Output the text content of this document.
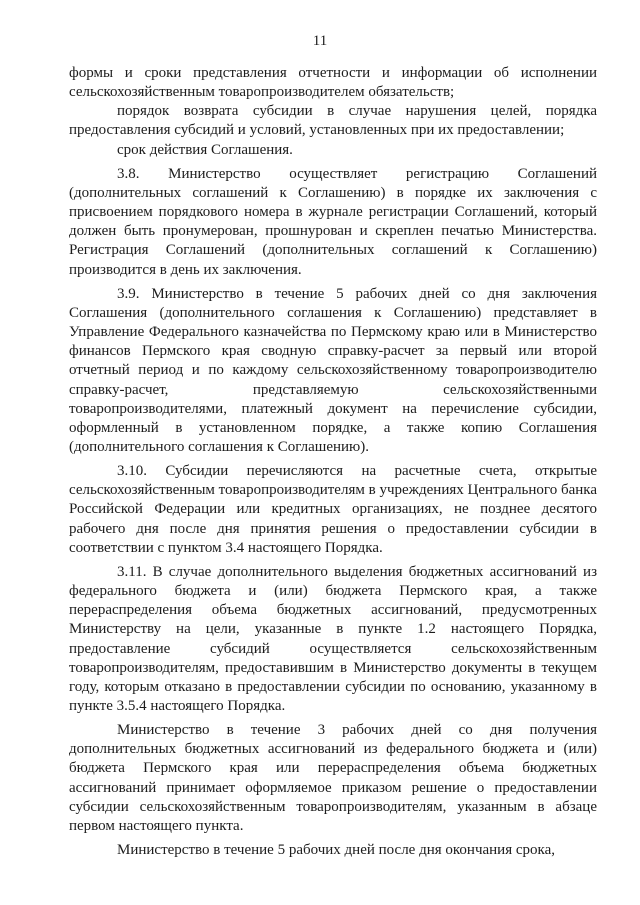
11

формы и сроки представления отчетности и информации об исполнении сельскохозяйственным товаропроизводителем обязательств;

порядок возврата субсидии в случае нарушения целей, порядка предоставления субсидий и условий, установленных при их предоставлении;

срок действия Соглашения.

3.8. Министерство осуществляет регистрацию Соглашений (дополнительных соглашений к Соглашению) в порядке их заключения с присвоением порядкового номера в журнале регистрации Соглашений, который должен быть пронумерован, прошнурован и скреплен печатью Министерства. Регистрация Соглашений (дополнительных соглашений к Соглашению) производится в день их заключения.

3.9. Министерство в течение 5 рабочих дней со дня заключения Соглашения (дополнительного соглашения к Соглашению) представляет в Управление Федерального казначейства по Пермскому краю или в Министерство финансов Пермского края сводную справку-расчет за первый или второй отчетный период и по каждому сельскохозяйственному товаропроизводителю справку-расчет, представляемую сельскохозяйственными товаропроизводителями, платежный документ на перечисление субсидии, оформленный в установленном порядке, а также копию Соглашения (дополнительного соглашения к Соглашению).

3.10. Субсидии перечисляются на расчетные счета, открытые сельскохозяйственным товаропроизводителям в учреждениях Центрального банка Российской Федерации или кредитных организациях, не позднее десятого рабочего дня после дня принятия решения о предоставлении субсидии в соответствии с пунктом 3.4 настоящего Порядка.

3.11. В случае дополнительного выделения бюджетных ассигнований из федерального бюджета и (или) бюджета Пермского края, а также перераспределения объема бюджетных ассигнований, предусмотренных Министерству на цели, указанные в пункте 1.2 настоящего Порядка, предоставление субсидий осуществляется сельскохозяйственным товаропроизводителям, предоставившим в Министерство документы в текущем году, которым отказано в предоставлении субсидии по основанию, указанному в пункте 3.5.4 настоящего Порядка.

Министерство в течение 3 рабочих дней со дня получения дополнительных бюджетных ассигнований из федерального бюджета и (или) бюджета Пермского края или перераспределения объема бюджетных ассигнований принимает оформляемое приказом решение о предоставлении субсидии сельскохозяйственным товаропроизводителям, указанным в абзаце первом настоящего пункта.

Министерство в течение 5 рабочих дней после дня окончания срока,
